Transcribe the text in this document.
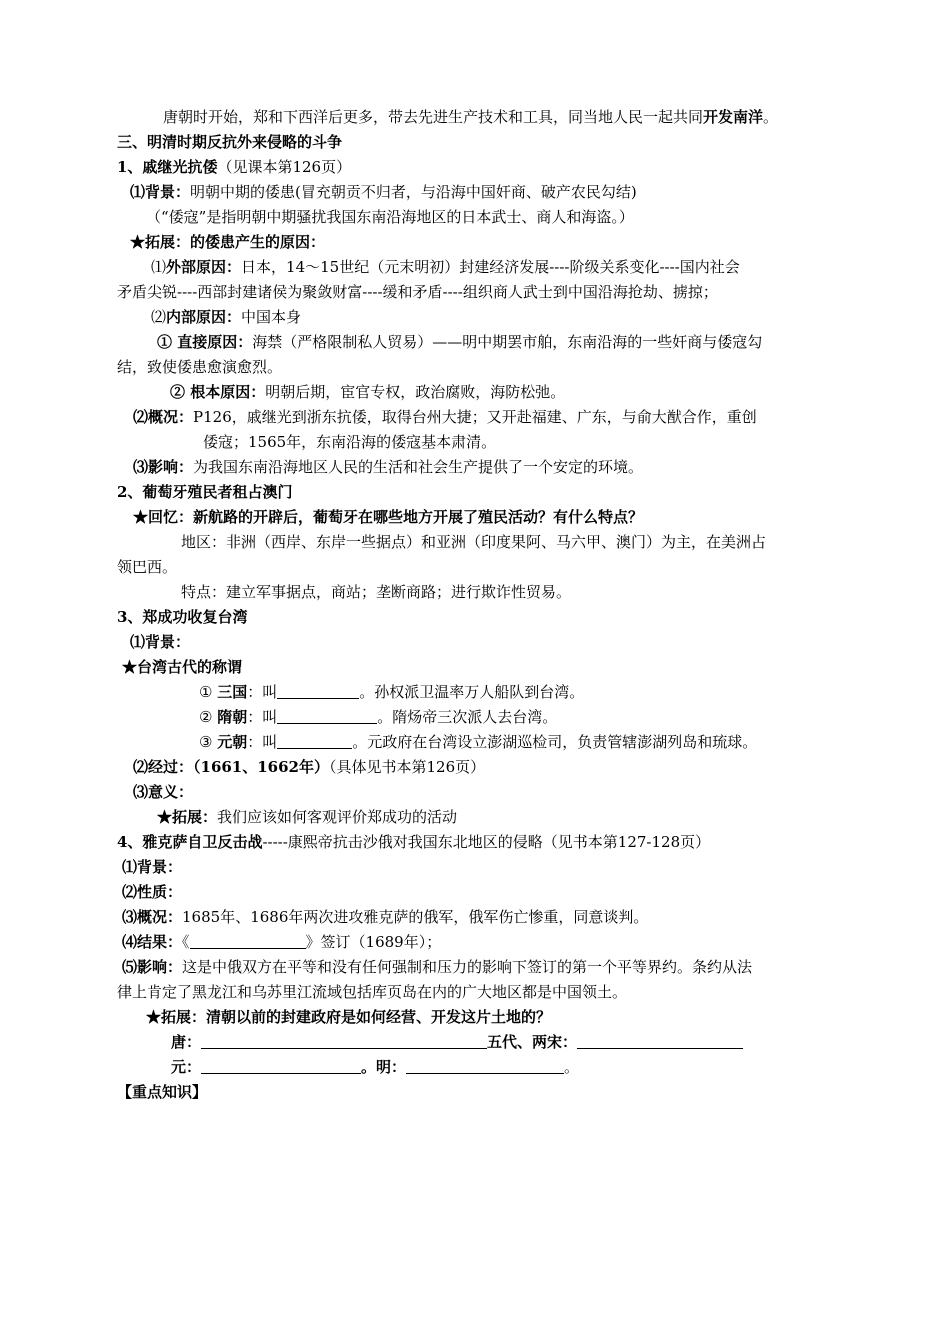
唐朝时开始，郑和下西洋后更多，带去先进生产技术和工具，同当地人民一起共同开发南洋。
三、明清时期反抗外来侵略的斗争
1、戚继光抗倭（见课本第126页）
⑴背景：明朝中期的倭患(冒充朝贡不归者，与沿海中国奸商、破产农民勾结)
（“倭寇”是指明朝中期骚扰我国东南沿海地区的日本武士、商人和海盗。）
★拓展：的倭患产生的原因：
⑴外部原因：日本，14～15世纪（元末明初）封建经济发展----阶级关系变化----国内社会
矛盾尖锐----西部封建诸侯为聚敛财富----缓和矛盾----组织商人武士到中国沿海抢劫、掳掠；
⑵内部原因：中国本身
① 直接原因：海禁（严格限制私人贸易）——明中期罢市舶，东南沿海的一些奸商与倭寇勾
结，致使倭患愈演愈烈。
② 根本原因：明朝后期，宦官专权，政治腐败，海防松弛。
⑵概况：P126，戚继光到浙东抗倭，取得台州大捷；又开赴福建、广东，与俞大猷合作，重创
倭寇；1565年，东南沿海的倭寇基本肃清。
⑶影响：为我国东南沿海地区人民的生活和社会生产提供了一个安定的环境。
2、葡萄牙殖民者租占澳门
★回忆：新航路的开辟后，葡萄牙在哪些地方开展了殖民活动？有什么特点？
地区：非洲（西岸、东岸一些据点）和亚洲（印度果阿、马六甲、澳门）为主，在美洲占
领巴西。
特点：建立军事据点，商站；垄断商路；进行欺诈性贸易。
3、郑成功收复台湾
⑴背景：
★台湾古代的称谓
① 三国：叫	。孙权派卫温率万人船队到台湾。
② 隋朝：叫	。隋炀帝三次派人去台湾。
③ 元朝：叫	。元政府在台湾设立澎湖巡检司，负责管辖澎湖列岛和琉球。
⑵经过：（1661、1662年）（具体见书本第126页）
⑶意义：
★拓展：我们应该如何客观评价郑成功的活动
4、雅克萨自卫反击战-----康熙帝抗击沙俄对我国东北地区的侵略（见书本第127-128页）
⑴背景：
⑵性质：
⑶概况：1685年、1686年两次进攻雅克萨的俄军，俄军伤亡惨重，同意谈判。
⑷结果：《	》签订（1689年）；
⑸影响：这是中俄双方在平等和没有任何强制和压力的影响下签订的第一个平等界约。条约从法
律上肯定了黑龙江和乌苏里江流域包括库页岛在内的广大地区都是中国领土。
★拓展：清朝以前的封建政府是如何经营、开发这片土地的？
唐：	五代、两宋：
元：	。明：	。
【重点知识】
